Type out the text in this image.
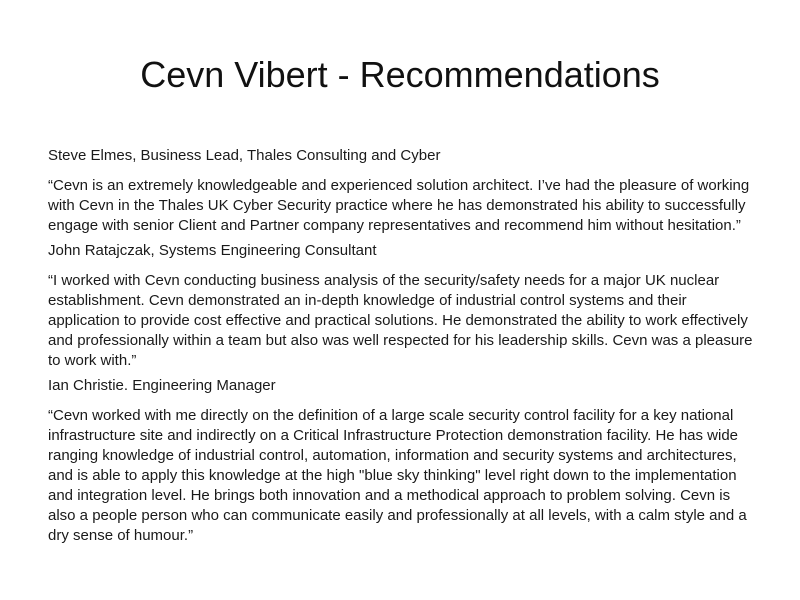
Cevn Vibert - Recommendations

Steve Elmes, Business Lead, Thales Consulting and Cyber

“Cevn is an extremely knowledgeable and experienced solution architect. I’ve had the pleasure of working with Cevn in the Thales UK Cyber Security practice where he has demonstrated his ability to successfully engage with senior Client and Partner company representatives and recommend him without hesitation.”

John Ratajczak, Systems Engineering Consultant

“I worked with Cevn conducting business analysis of the security/safety needs for a major UK nuclear establishment. Cevn demonstrated an in-depth knowledge of industrial control systems and their application to provide cost effective and practical solutions. He demonstrated the ability to work effectively and professionally within a team but also was well respected for his leadership skills. Cevn was a pleasure to work with.”

Ian Christie. Engineering Manager

“Cevn worked with me directly on the definition of a large scale security control facility for a key national infrastructure site and indirectly on a Critical Infrastructure Protection demonstration facility. He has wide ranging knowledge of industrial control, automation, information and security systems and architectures, and is able to apply this knowledge at the high "blue sky thinking" level right down to the implementation and integration level. He brings both innovation and a methodical approach to problem solving. Cevn is also a people person who can communicate easily and professionally at all levels, with a calm style and a dry sense of humour.”
